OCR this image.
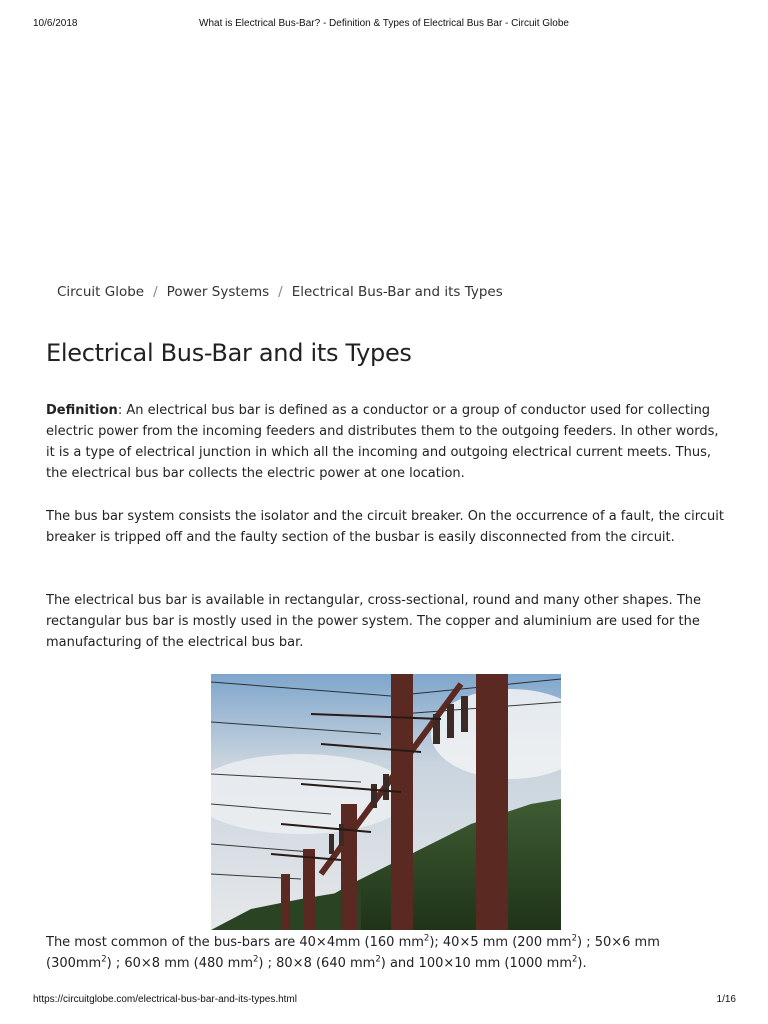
10/6/2018	What is Electrical Bus-Bar? - Definition & Types of Electrical Bus Bar - Circuit Globe
Circuit Globe / Power Systems / Electrical Bus-Bar and its Types
Electrical Bus-Bar and its Types

Definition: An electrical bus bar is defined as a conductor or a group of conductor used for collecting electric power from the incoming feeders and distributes them to the outgoing feeders. In other words, it is a type of electrical junction in which all the incoming and outgoing electrical current meets. Thus, the electrical bus bar collects the electric power at one location.

The bus bar system consists the isolator and the circuit breaker. On the occurrence of a fault, the circuit breaker is tripped off and the faulty section of the busbar is easily disconnected from the circuit.

The electrical bus bar is available in rectangular, cross-sectional, round and many other shapes. The rectangular bus bar is mostly used in the power system. The copper and aluminium are used for the manufacturing of the electrical bus bar.

The most common of the bus-bars are 40×4mm (160 $mm^2$); 40×5 mm (200 $mm^2$) ; 50×6 mm $(300mm^2)$ ; 60×8 mm (480 $mm^2$) ; 80×8 (640 $mm^2$) and 100×10 mm (1000 $mm^2$).

https://circuitglobe.com/electrical-bus-bar-and-its-types.html	1/16
